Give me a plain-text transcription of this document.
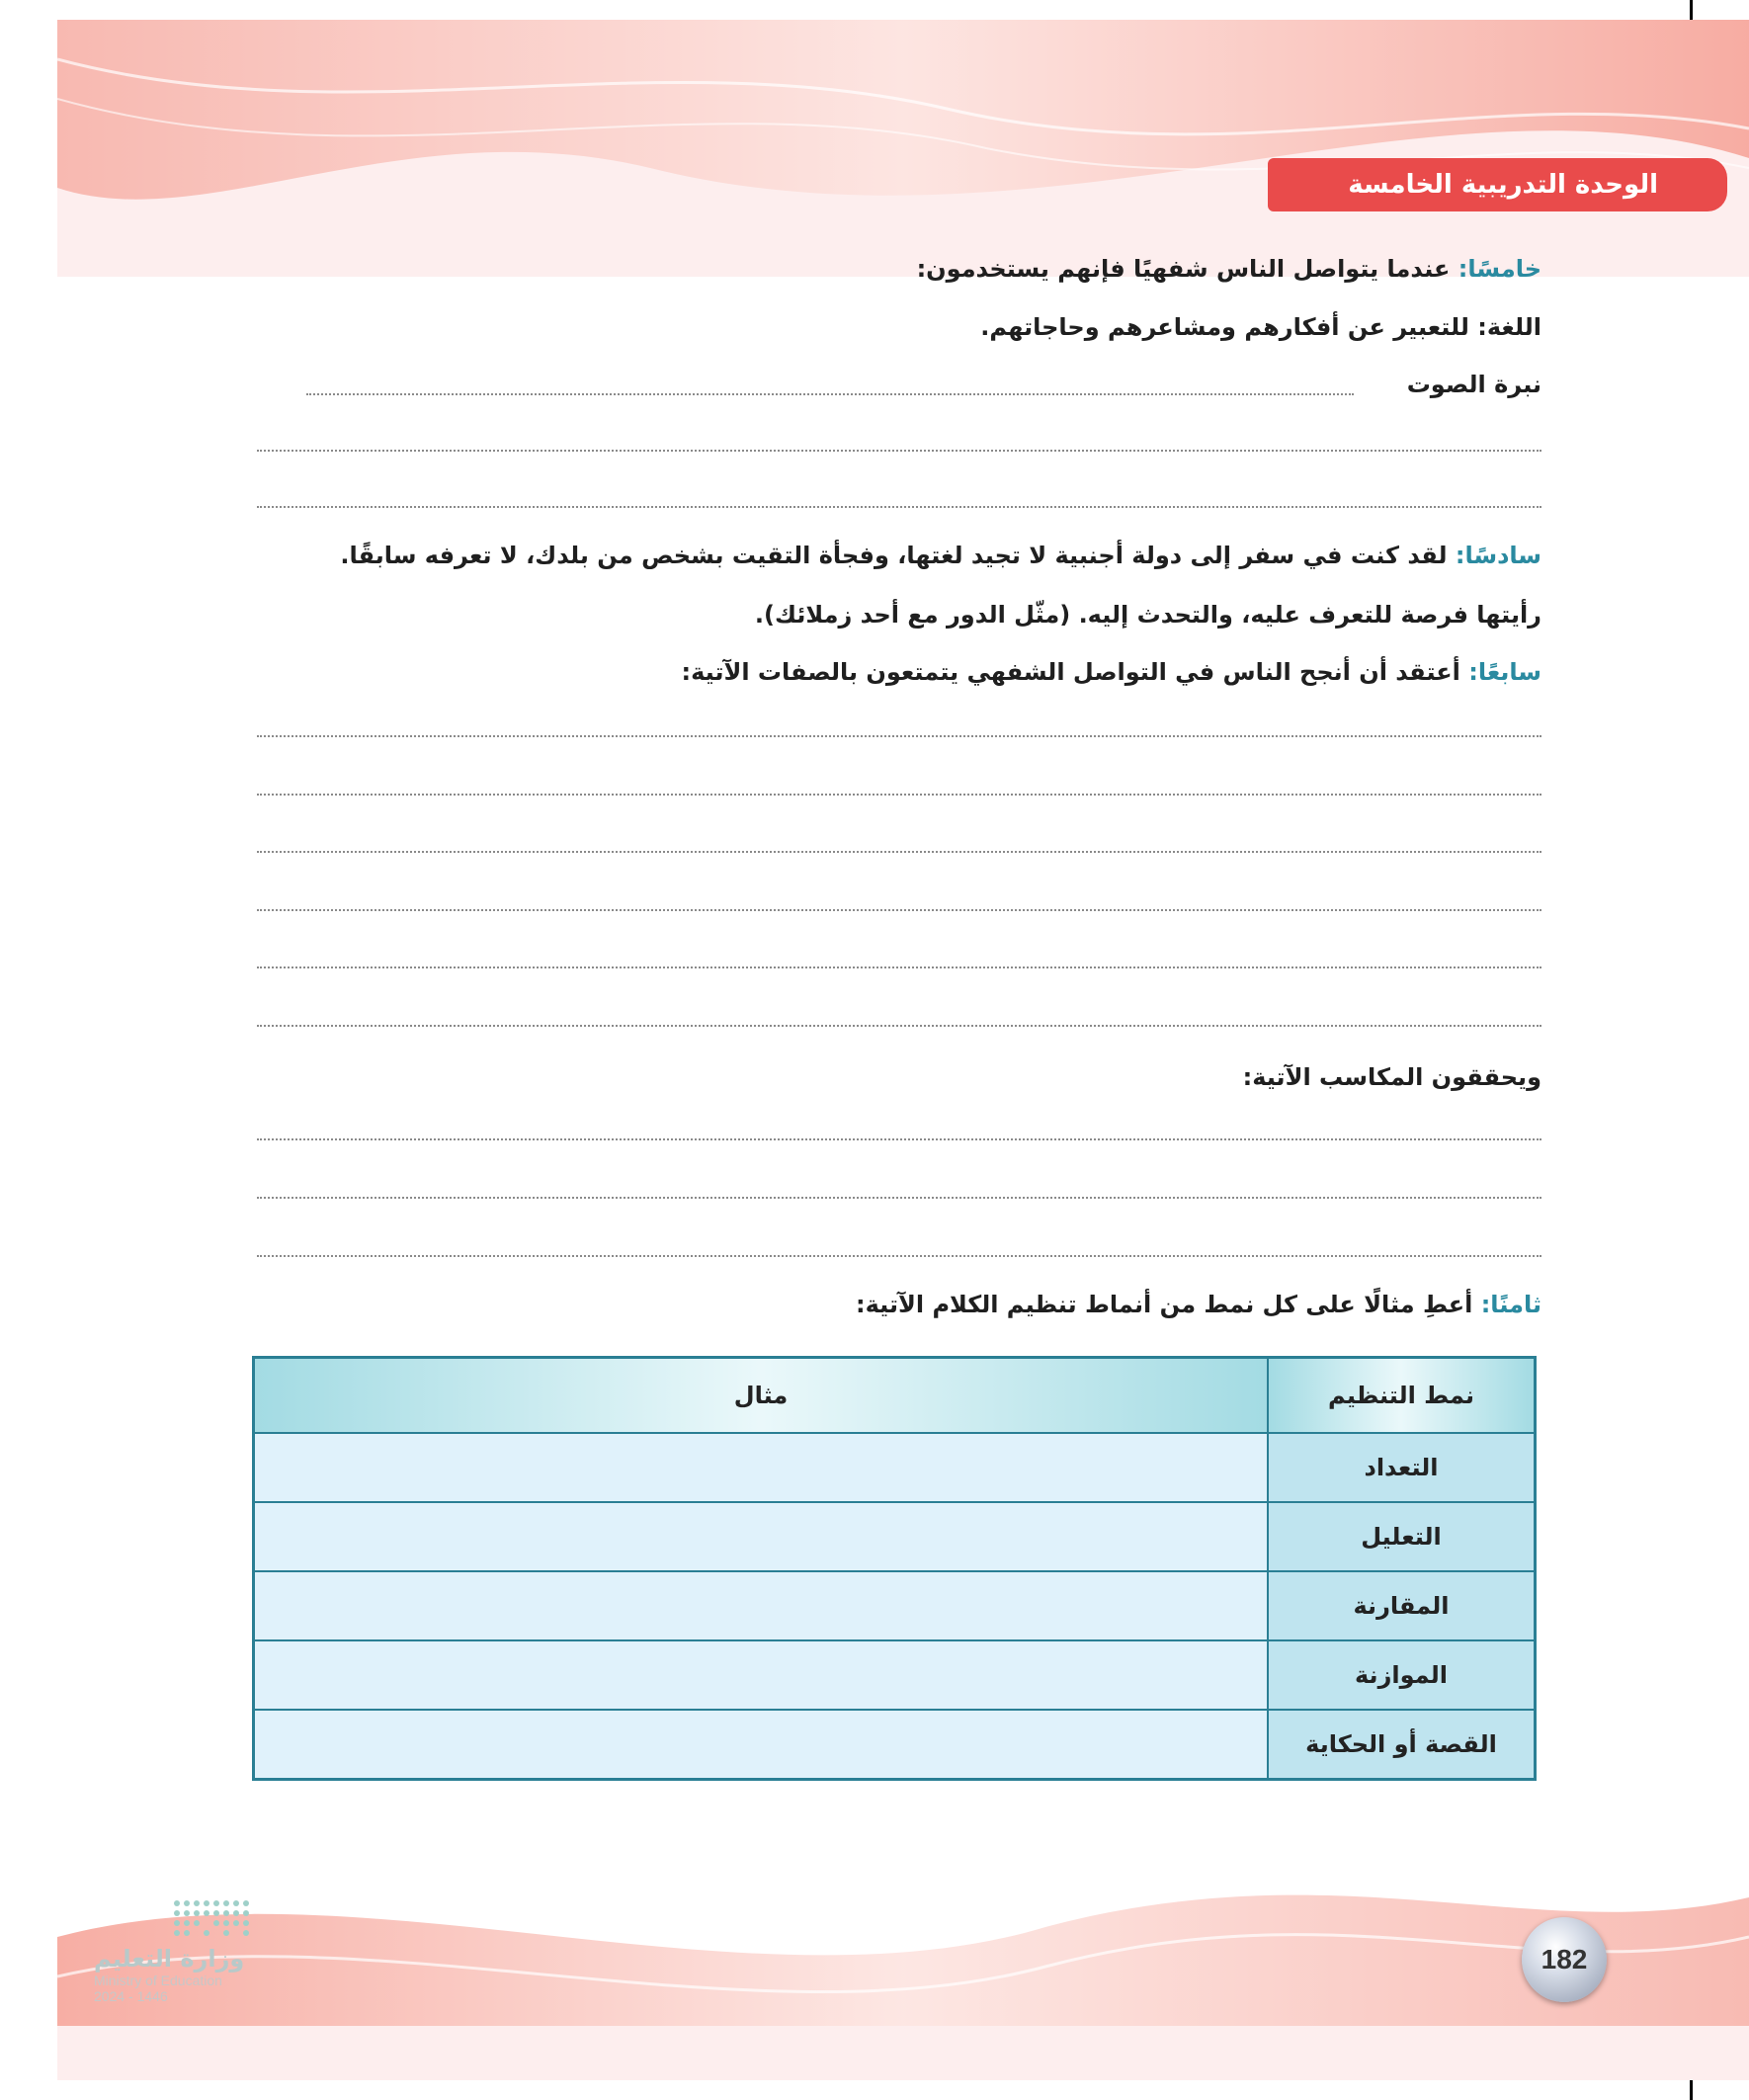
الوحدة التدريبية الخامسة
خامسًا: عندما يتواصل الناس شفهيًا فإنهم يستخدمون:
اللغة: للتعبير عن أفكارهم ومشاعرهم وحاجاتهم.
نبرة الصوت
سادسًا: لقد كنت في سفر إلى دولة أجنبية لا تجيد لغتها، وفجأة التقيت بشخص من بلدك، لا تعرفه سابقًا.
رأيتها فرصة للتعرف عليه، والتحدث إليه. (مثّل الدور مع أحد زملائك).
سابعًا: أعتقد أن أنجح الناس في التواصل الشفهي يتمتعون بالصفات الآتية:
ويحققون المكاسب الآتية:
ثامنًا: أعطِ مثالًا على كل نمط من أنماط تنظيم الكلام الآتية:
نمط التنظيم	مثال
التعداد	
التعليل	
المقارنة	
الموازنة	
القصة أو الحكاية	
182
وزارة التعليم
Ministry of Education
2024 - 1446
